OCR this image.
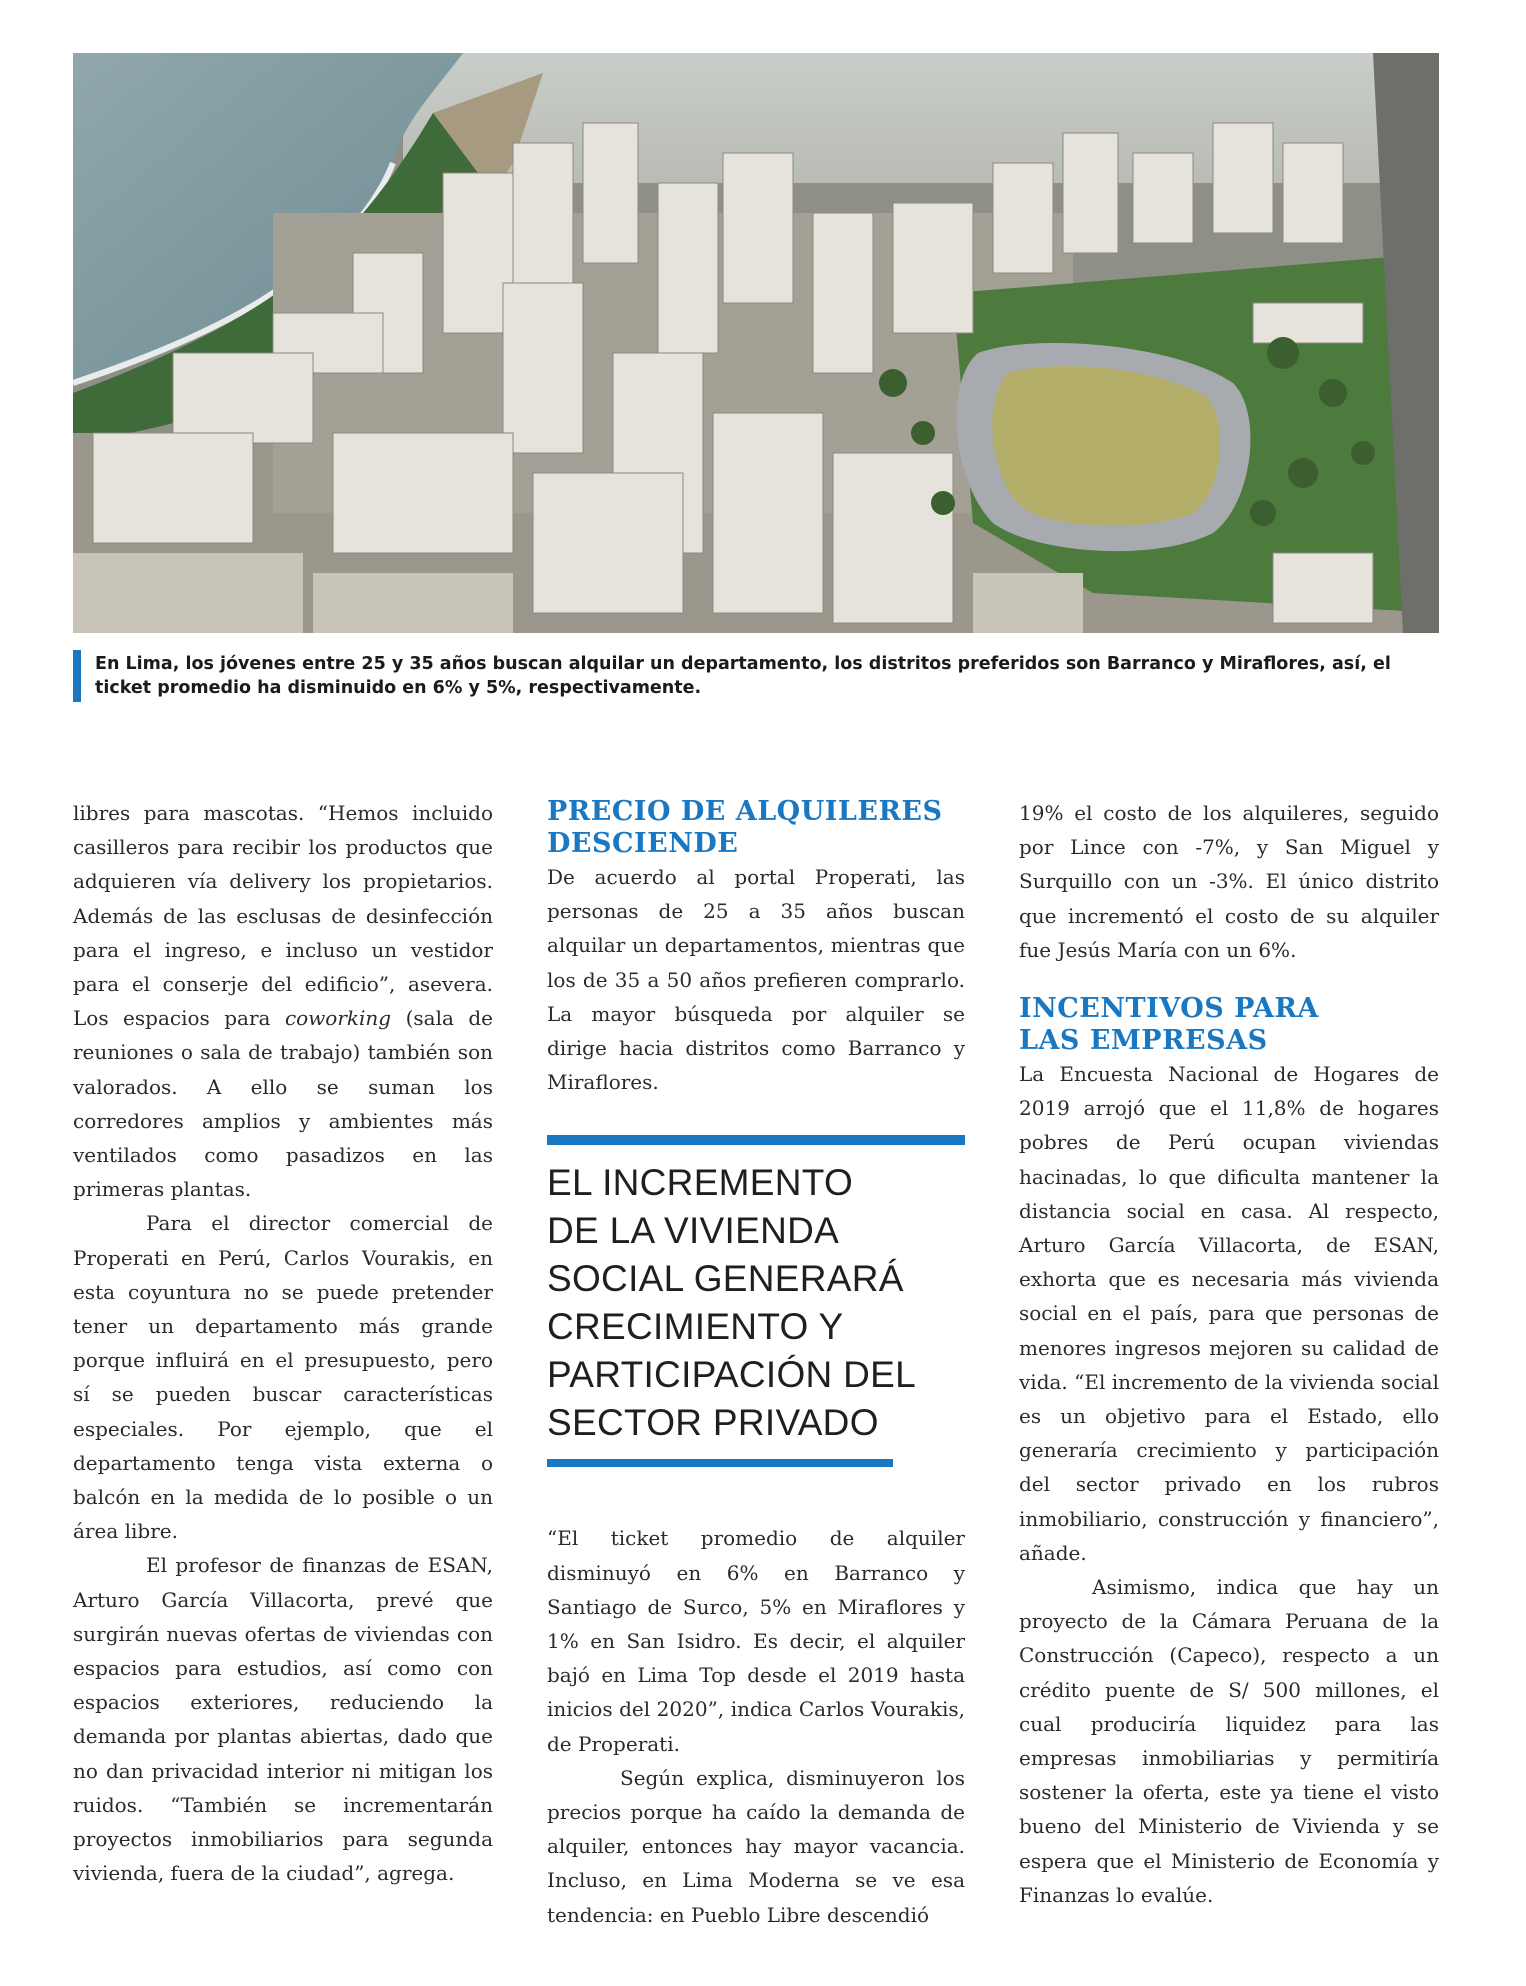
En Lima, los jóvenes entre 25 y 35 años buscan alquilar un departamento, los distritos preferidos son Barranco y Miraflores, así, el ticket promedio ha disminuido en 6% y 5%, respectivamente.

libres para mascotas. “Hemos incluido casilleros para recibir los productos que adquieren vía delivery los propietarios. Además de las esclusas de desinfección para el ingreso, e incluso un vestidor para el conserje del edificio”, asevera. Los espacios para coworking (sala de reuniones o sala de trabajo) también son valorados. A ello se suman los corredores amplios y ambientes más ventilados como pasadizos en las primeras plantas.

Para el director comercial de Properati en Perú, Carlos Vourakis, en esta coyuntura no se puede pretender tener un departamento más grande porque influirá en el presupuesto, pero sí se pueden buscar características especiales. Por ejemplo, que el departamento tenga vista externa o balcón en la medida de lo posible o un área libre.

El profesor de finanzas de ESAN, Arturo García Villacorta, prevé que surgirán nuevas ofertas de viviendas con espacios para estudios, así como con espacios exteriores, reduciendo la demanda por plantas abiertas, dado que no dan privacidad interior ni mitigan los ruidos. “También se incrementarán proyectos inmobiliarios para segunda vivienda, fuera de la ciudad”, agrega.

PRECIO DE ALQUILERES
DESCIENDE

De acuerdo al portal Properati, las personas de 25 a 35 años buscan alquilar un departamentos, mientras que los de 35 a 50 años prefieren comprarlo. La mayor búsqueda por alquiler se dirige hacia distritos como Barranco y Miraflores.

EL INCREMENTO
DE LA VIVIENDA
SOCIAL GENERARÁ
CRECIMIENTO Y
PARTICIPACIÓN DEL
SECTOR PRIVADO

“El ticket promedio de alquiler disminuyó en 6% en Barranco y Santiago de Surco, 5% en Miraflores y 1% en San Isidro. Es decir, el alquiler bajó en Lima Top desde el 2019 hasta inicios del 2020”, indica Carlos Vourakis, de Properati.

Según explica, disminuyeron los precios porque ha caído la demanda de alquiler, entonces hay mayor vacancia. Incluso, en Lima Moderna se ve esa tendencia: en Pueblo Libre descendió

19% el costo de los alquileres, seguido por Lince con -7%, y San Miguel y Surquillo con un -3%. El único distrito que incrementó el costo de su alquiler fue Jesús María con un 6%.

INCENTIVOS PARA
LAS EMPRESAS

La Encuesta Nacional de Hogares de 2019 arrojó que el 11,8% de hogares pobres de Perú ocupan viviendas hacinadas, lo que dificulta mantener la distancia social en casa. Al respecto, Arturo García Villacorta, de ESAN, exhorta que es necesaria más vivienda social en el país, para que personas de menores ingresos mejoren su calidad de vida. “El incremento de la vivienda social es un objetivo para el Estado, ello generaría crecimiento y participación del sector privado en los rubros inmobiliario, construcción y financiero”, añade.

Asimismo, indica que hay un proyecto de la Cámara Peruana de la Construcción (Capeco), respecto a un crédito puente de S/ 500 millones, el cual produciría liquidez para las empresas inmobiliarias y permitiría sostener la oferta, este ya tiene el visto bueno del Ministerio de Vivienda y se espera que el Ministerio de Economía y Finanzas lo evalúe.
